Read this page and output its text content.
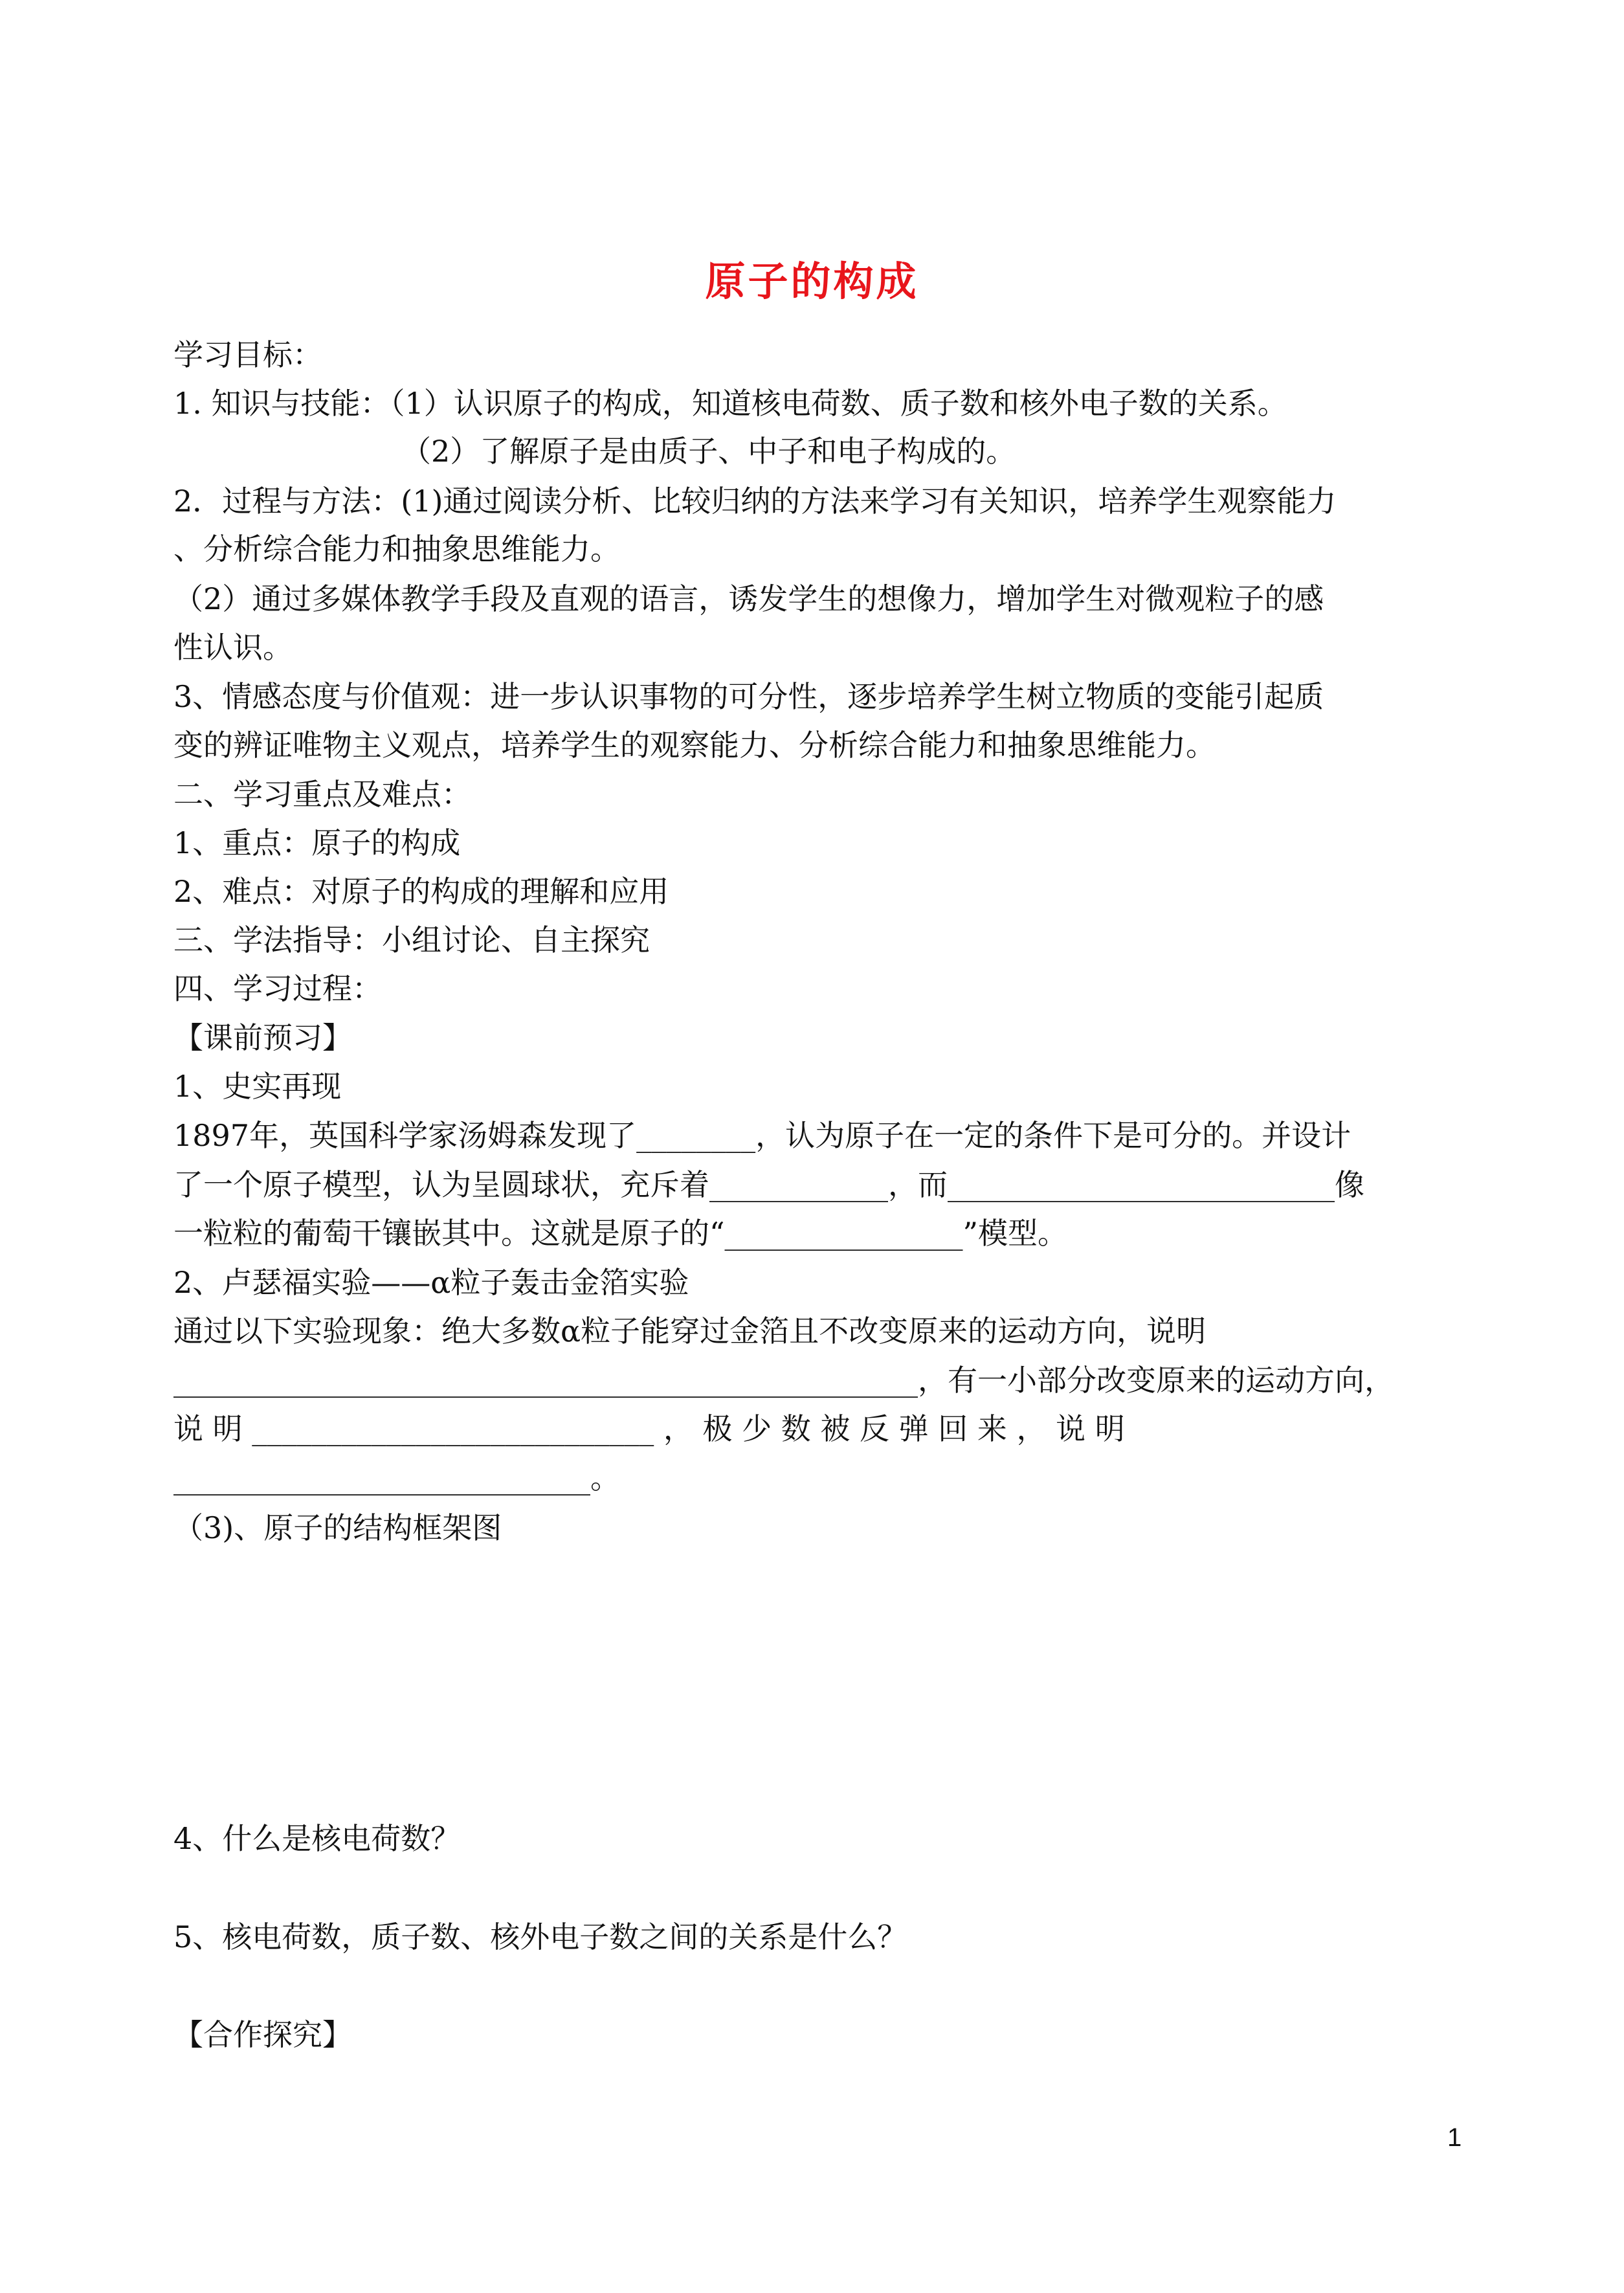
原子的构成
学习目标：
1. 知识与技能：（1）认识原子的构成，知道核电荷数、质子数和核外电子数的关系。
（2）了解原子是由质子、中子和电子构成的。
2．过程与方法：(1)通过阅读分析、比较归纳的方法来学习有关知识，培养学生观察能力
、分析综合能力和抽象思维能力。
（2）通过多媒体教学手段及直观的语言，诱发学生的想像力，增加学生对微观粒子的感
性认识。
3、情感态度与价值观：进一步认识事物的可分性，逐步培养学生树立物质的变能引起质
变的辨证唯物主义观点，培养学生的观察能力、分析综合能力和抽象思维能力。
二、学习重点及难点：
1、重点：原子的构成
2、难点：对原子的构成的理解和应用
三、学法指导：小组讨论、自主探究
四、学习过程：
【课前预习】
1、史实再现
1897年，英国科学家汤姆森发现了________，认为原子在一定的条件下是可分的。并设计
了一个原子模型，认为呈圆球状，充斥着____________，而__________________________像
一粒粒的葡萄干镶嵌其中。这就是原子的“________________”模型。
2、卢瑟福实验——α粒子轰击金箔实验
通过以下实验现象：绝大多数α粒子能穿过金箔且不改变原来的运动方向，说明
__________________________________________________，有一小部分改变原来的运动方向，
说 明 ___________________________ ， 极 少 数 被 反 弹 回 来 ， 说 明
____________________________。
（3)、原子的结构框架图
4、什么是核电荷数？
5、核电荷数，质子数、核外电子数之间的关系是什么？
【合作探究】
1
